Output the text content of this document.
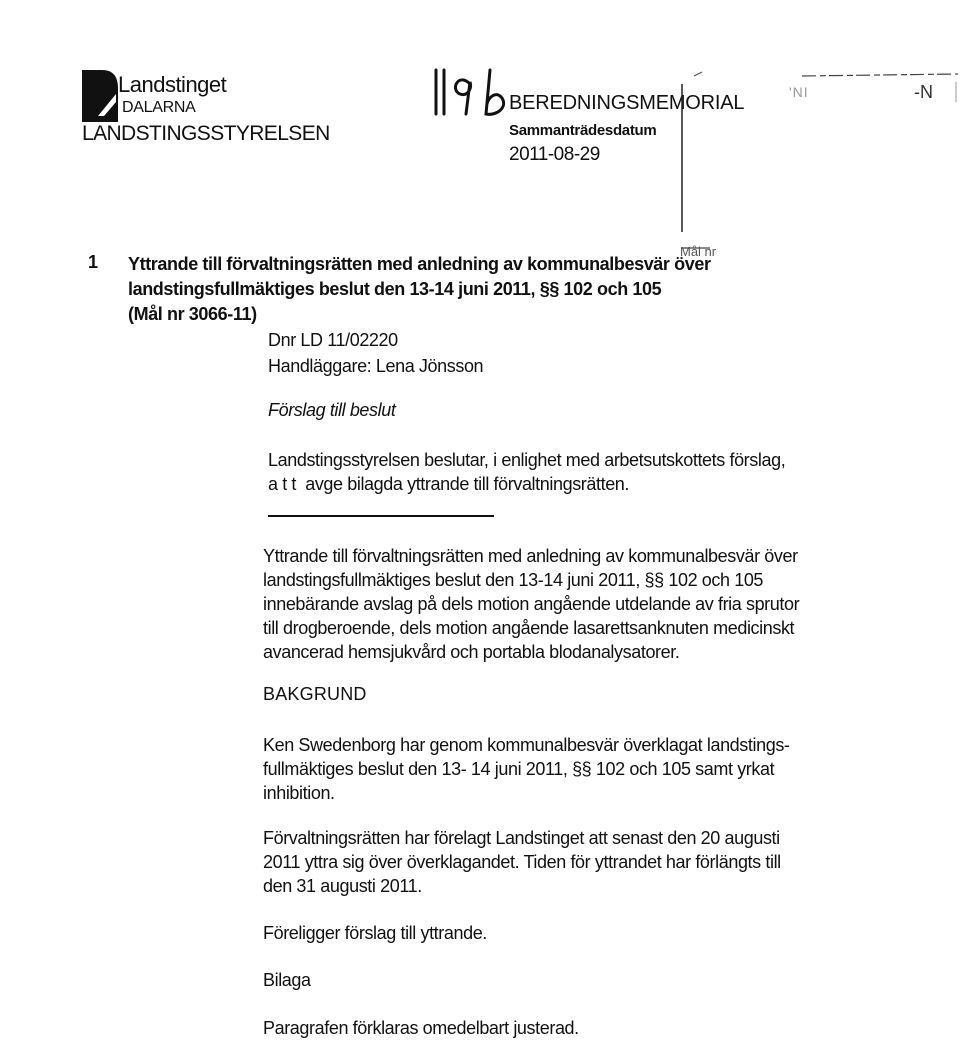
Landstinget
DALARNA
LANDSTINGSSTYRELSEN
196
BEREDNINGSMEMORIAL
Sammanträdesdatum
2011-08-29
'NI	-N
Mål nr
1 Yttrande till förvaltningsrätten med anledning av kommunalbesvär över
landstingsfullmäktiges beslut den 13-14 juni 2011, §§ 102 och 105
(Mål nr 3066-11)
Dnr LD 11/02220
Handläggare: Lena Jönsson
Förslag till beslut
Landstingsstyrelsen beslutar, i enlighet med arbetsutskottets förslag,
a t t  avge bilagda yttrande till förvaltningsrätten.
Yttrande till förvaltningsrätten med anledning av kommunalbesvär över
landstingsfullmäktiges beslut den 13-14 juni 2011, §§ 102 och 105
innebärande avslag på dels motion angående utdelande av fria sprutor
till drogberoende, dels motion angående lasarettsanknuten medicinskt
avancerad hemsjukvård och portabla blodanalysatorer.
BAKGRUND
Ken Swedenborg har genom kommunalbesvär överklagat landstings-
fullmäktiges beslut den 13- 14 juni 2011, §§ 102 och 105 samt yrkat
inhibition.
Förvaltningsrätten har förelagt Landstinget att senast den 20 augusti
2011 yttra sig över överklagandet. Tiden för yttrandet har förlängts till
den 31 augusti 2011.
Föreligger förslag till yttrande.
Bilaga
Paragrafen förklaras omedelbart justerad.
